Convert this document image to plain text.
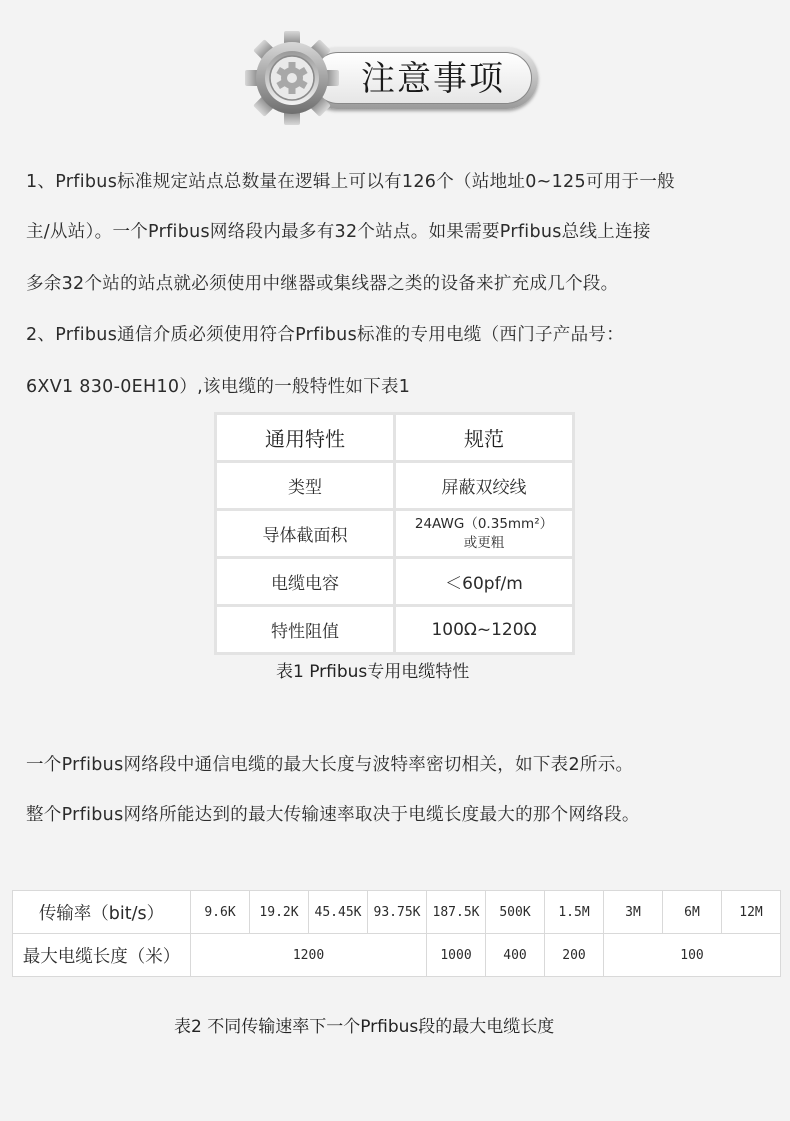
注意事项
1、Prfibus标准规定站点总数量在逻辑上可以有126个（站地址0~125可用于一般
主/从站）。一个Prfibus网络段内最多有32个站点。如果需要Prfibus总线上连接
多余32个站的站点就必须使用中继器或集线器之类的设备来扩充成几个段。
2、Prfibus通信介质必须使用符合Prfibus标准的专用电缆（西门子产品号：
6XV1 830-0EH10）,该电缆的一般特性如下表1
通用特性	规范
类型	屏蔽双绞线
导体截面积	24AWG（0.35mm²）
或更粗

电缆电容	＜60pf/m
特性阻值	100Ω~120Ω
表1 Prfibus专用电缆特性
一个Prfibus网络段中通信电缆的最大长度与波特率密切相关，如下表2所示。
整个Prfibus网络所能达到的最大传输速率取决于电缆长度最大的那个网络段。
传输率（bit/s）	9.6K	19.2K	45.45K	93.75K	187.5K	500K	1.5M	3M	6M	12M
最大电缆长度（米）	1200				1000	400	200	100		
表2 不同传输速率下一个Prfibus段的最大电缆长度
